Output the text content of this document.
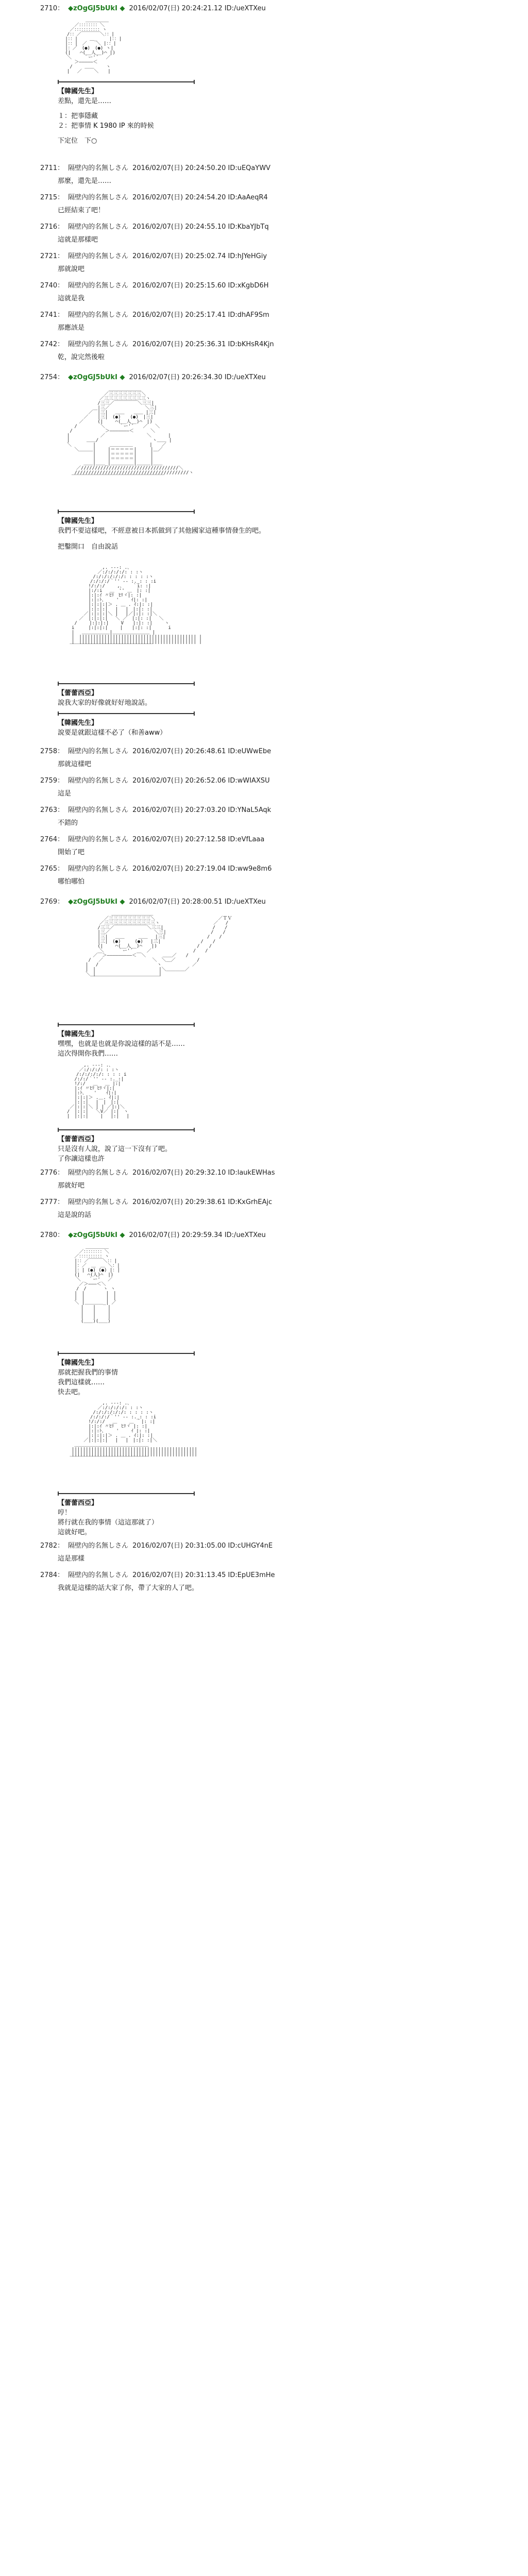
2710： ◆zOgGJ5bUkI ◆ 2016/02/07(日) 20:24:21.12 ID:/ueXTXeu
　　　　　　＿＿＿＿＿
　　　 ／：：：：：：：：＼
　　 ／：：：：：：：：：：：ヽ
　　/：：／￣￣￣￣＼：：|
　 |：：|　　 ＿_　　 |：：|
　 |：：|　／　　＼ |：：|
　 |：／　(●)　(●) ヽ|
　 (|　　⌒(__人__)⌒ |)
　　＼　　 ｀ー'´　 ／
　　　 ＞―――――＜
　　 /　　 ＿＿　　 ヽ
　　|　 ／　　 ＼　　|
【韓國先生】
差點，還先是……
１：把事隱藏
２：把事情 K 1980 IP 來的時候
下定位　下○
2711： 隔壁內的名無しさん 2016/02/07(日) 20:24:50.20 ID:uEQaYWV
那麼，還先是……
2715： 隔壁內的名無しさん 2016/02/07(日) 20:24:54.20 ID:AaAeqR4
已經結束了吧！
2716： 隔壁內的名無しさん 2016/02/07(日) 20:24:55.10 ID:KbaYJbTq
這就是那樣吧
2721： 隔壁內的名無しさん 2016/02/07(日) 20:25:02.74 ID:hJYeHGiy
那就說吧
2740： 隔壁內的名無しさん 2016/02/07(日) 20:25:15.60 ID:xKgbD6H
這就是我
2741： 隔壁內的名無しさん 2016/02/07(日) 20:25:17.41 ID:dhAF9Sm
那應該是
2742： 隔壁內的名無しさん 2016/02/07(日) 20:25:36.31 ID:bKHsR4Kjn
乾，說完然後啦
2754： ◆zOgGJ5bUkI ◆ 2016/02/07(日) 20:26:34.30 ID:/ueXTXeu
　　　　　　　　　　　＿＿＿＿＿＿＿
　　　　　　　　　　／三三三三三三三＼
　　　　　　　　　／三三三三三三三三三ヽ
　　　　　　　　 /三三／￣￣￣￣￣＼三三|
　　　　　　　　 |三／　　　　　　　 ＼三|
　　　　　　 ／￣|三|　 ＿＿　　＿＿ |三|
　　　　　 ／　　|三|　(●)　　(●)　|三|
　　　　 ／　　　(|　　 ⌒(__人__)⌒　|)
　　　 /　　　　　＼　　　｀ー'´　　／　 ＼
　　 /　　　　　　　＞―――――――＜　　　 ＼
　　|　　　　　　 ／　　　　　　　　　＼　　　 |
　　|　　　 ＿＿/　　　　　　　　　　　 ヽ＿＿ |
　　＼　　　　 |　　　＿＿＿＿＿　　　 |　　／
　　　 ＼＿＿＿|　　 |＝＝＝＝＝|　　　|＿／
　　　　　　　 |　　 |＝＝＝＝＝|　　　|
　　　　　　　 |　　 |＝＝＝＝＝|　　　|
　　　　　 ＿＿|＿＿_|＿＿＿＿＿|＿＿＿|＿＿
　　　　／///////////////////////////////////＼
　　　 /////////////////////////////////////////ヽ
　　　￣￣￣￣￣￣￣￣￣￣￣￣￣￣￣￣￣￣￣￣
【韓國先生】
我們不要這樣吧，不經意被日本抓做到了其他國家這種事情發生的吧。
把鑿開口　自由說話
　　　　　　　　　 ,. -‐-: .､
　　　　　　　　 ／:/:/:/:/: : :ヽ
　　　　　　　 /:/:/:/:/:/: : : : :ヽ
　　　　　　　/:/:/:/｀'' ‐- :._: : :i
　　　　　　 !/:/:/　　 ,､ 　 ｀i: :|
　　　　　　 |:/:i 　＿　'' ＿　|: :|
　　　　　　 |:|:ｲ 〃ﾋﾘ　ﾋﾘヾ|: :|
　　　　　　 |:|:ﾄ､　　 '　　 ｲ|: :|
　　　　　　 |:|:|:|＞ . ＿ . ｲ:|: :|
　　　　　　 |:|:|:|　 |　 |　|:|: :|
　　　　　 ／|:|:|:|＼ |　 |／|:|: :|＼
　　　　 ／　|:|:|:|　 ＼ ／　|:|: :|　 ＼
　　　 /　　 |:|:|:|　　 V　　|:|: :|　　 ヽ
　　　i　　　|:|:|:|　　 |　　|:|: :|　　　 i
　　　|　 ＿＿＿＿＿＿|＿＿＿＿＿＿＿＿ |
　　　|　|||||||||||||||||||||||||||||||||||||||||| |
　　　|　|||||||||||||||||||||||||||||||||||||||||| |
　　 ￣￣￣￣￣￣￣￣￣￣￣￣￣￣￣￣￣￣
【蕾蕾西亞】
說我大家的好像就好好地說話。
【韓國先生】
說要是就跟這樣不必了（和善aww）
2758： 隔壁內的名無しさん 2016/02/07(日) 20:26:48.61 ID:eUWwEbe
那就這樣吧
2759： 隔壁內的名無しさん 2016/02/07(日) 20:26:52.06 ID:wWIAXSU
這是
2763： 隔壁內的名無しさん 2016/02/07(日) 20:27:03.20 ID:YNaL5Aqk
不錯的
2764： 隔壁內的名無しさん 2016/02/07(日) 20:27:12.58 ID:eVfLaaa
開始了吧
2765： 隔壁內的名無しさん 2016/02/07(日) 20:27:19.04 ID:ww9e8m6
哪怕哪怕
2769： ◆zOgGJ5bUkI ◆ 2016/02/07(日) 20:28:00.51 ID:/ueXTXeu
　　　　　　　　　　　 ＿＿＿＿＿＿＿＿＿
　　　　　　　　　　／三三三三三三三三三＼　　　　　　　　　　　　　 ／ＴＶ
　　　　　　　　　／三三三三三三三三三三三ヽ　　　　　　　　　　　 ／ 　/
　　　　　　　　 /三三／￣￣￣￣￣￣￣＼三三|　　　　　　　　　　 /　　/
　　　　　　　　 |三／　　　　　　　　　 ＼三|　　　　　　　　　 /　　/
　　　　　　　　 |三|　 ＿＿　　　＿＿　 |三|　　　　　　　　　/　　/
　　　　　　　　 |三|　(●)　　　(●)　 |三|　　　　　　　　 /　　/
　　　　　　　　 (|　　 ⌒(__人__)⌒　　|)　　　　　　　　 /　　/
　　　　　　　　　＼　　　｀ー'´　　　／　　　　　　　　　/　　/
　　　　　　　 ／￣＞―――――――――＜￣＼　　　 ＿＿／　　/
　　　　　　 /　 ／　　　　　　　　　　 ＼　＼＿／　　　　 /
　　　　　　|　 /　　　　　　　　　　　　 ヽ　　　　　　 ／
　　　　　　|　|　　　　　　　　　　　　　 |＼＿＿＿＿／
　　　　　　＼ |　　　　　　　　　　　　　 |
　　　　　　　￣￣￣￣￣￣￣￣￣￣￣￣￣￣￣
【韓國先生】
嘿嘿，也就是也就是你說這樣的話不是……
這次得開你我們……
　　　　　 ,. -‐-: .､
　　　　 ／:/:/:/: : :ヽ
　　　　/:/:/:/:/: : : : i
　　　 /:/:/｀'' ‐- :._:|
　　　 !/:/　 ＿　 ＿ |:|
　　　 |:ｲ 〃ﾋﾘ ﾋﾘヾ|:|
　　　 |:ﾄ､　　'　　ｲ|:|
　　　 |:|:|＞ .＿. ｲ|:|
　　　 |:|:|　 |　|　|:|
　　 ／|:|:|＼ | | ／|:|＼
　　/　|:|:|　 ＼V／ |:|　ヽ
　　|　|:|:|　　 |　 |:|　 |
【蕾蕾西亞】
只是沒有人說，說了這一下沒有了吧。
了你讓這樣也許
2776： 隔壁內的名無しさん 2016/02/07(日) 20:29:32.10 ID:laukEWHas
那就好吧
2777： 隔壁內的名無しさん 2016/02/07(日) 20:29:38.61 ID:KxGrhEAjc
這是說的話
2780： ◆zOgGJ5bUkI ◆ 2016/02/07(日) 20:29:59.34 ID:/ueXTXeu
　　　　　　＿＿＿＿＿
　　　　 ／：：：：：：：：＼
　　　 ／：：：：：：：：：：ヽ
　　　 |：：／￣￣￣＼：：|
　　　 |：／　＿　＿ ＼：|
　　　 |：| (●) (●) |：|
　　　 (|　 ⌒(人)⌒　|)
　　　　＼　 ｀ー'　 ／
　　　　 ／＞―――＜＼
　　　　/　/　　　 ヽ ヽ
　　　 |　|　　　　 |　|
　　　 |　|　　　　 |　|
　　　 ＼ |＿＿＿＿_| ／
　　　　　|　　|　　 |
　　　　　|　　|　　 |
　　　　　|　　|　　 |
　　　　　(＿＿)(＿＿)
【韓國先生】
那就把握我們的事情
我們這樣就……
快去吧。
　　　　　　　　　 ,. -‐-: .､
　　　　　　　　 ／:/:/:/:/: : :ヽ
　　　　　　　 /:/:/:/:/:/: : : : :ヽ
　　　　　　　/:/:/:/｀'' ‐- :._: : :i
　　　　　　 !/:/:/　 ＿　　 ＿ ｀|: :|
　　　　　　 |:|:ｲ 〃ﾋﾘ　 ﾋﾘヾ |: :|
　　　　　　 |:|:ﾄ､　　 '　　 ｲ |: :|
　　　　　　 |:|:|:|＞ . ＿ . ｲ:|: :|
　　　　　 ／|:|:|:|　 |　 |　|:|: :|＼
　　　 ＿＿＿＿＿＿＿＿＿＿＿＿＿＿＿＿
　　　|||||||||||||||||||||||||||||||||||||||||||||
　　　|||||||||||||||||||||||||||||||||||||||||||||
　　 ￣￣￣￣￣￣￣￣￣￣￣￣￣￣￣￣￣
【蕾蕾西亞】
哼！
將行就在我的事情（這這那就了）
這就好吧。
2782： 隔壁內的名無しさん 2016/02/07(日) 20:31:05.00 ID:cUHGY4nE
這是那樣
2784： 隔壁內的名無しさん 2016/02/07(日) 20:31:13.45 ID:EpUE3mHe
我就是這樣的話大家了你，帶了大家的人了吧。
